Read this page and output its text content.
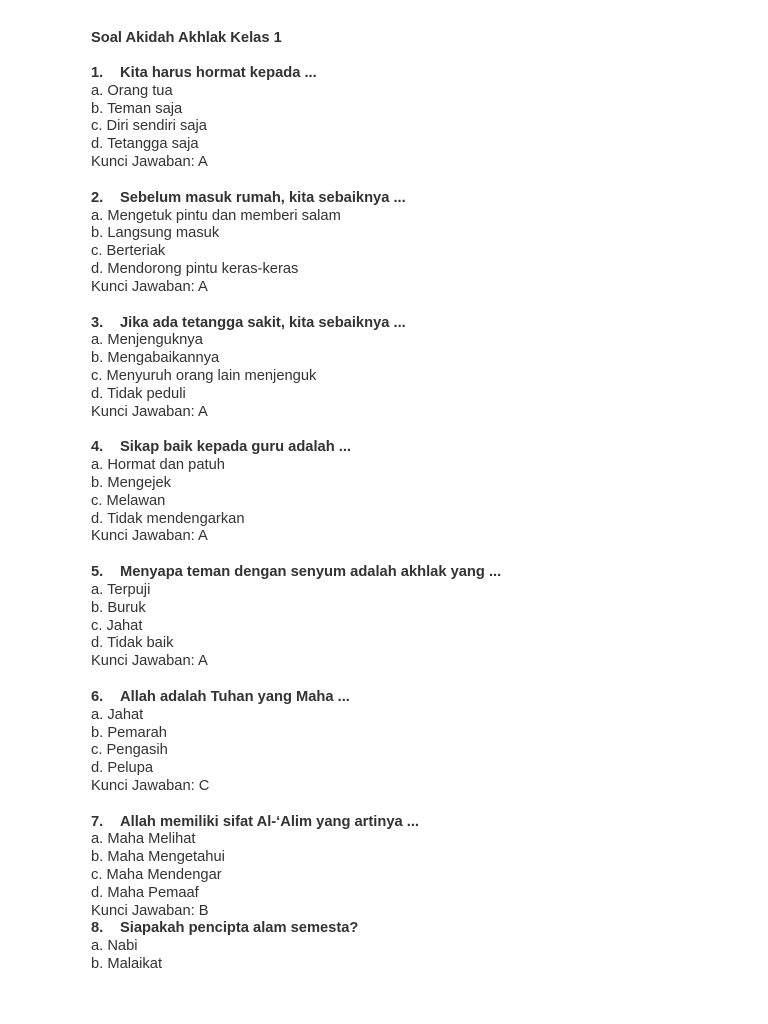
Soal Akidah Akhlak Kelas 1
1. Kita harus hormat kepada ...
a. Orang tua
b. Teman saja
c. Diri sendiri saja
d. Tetangga saja
Kunci Jawaban: A
2. Sebelum masuk rumah, kita sebaiknya ...
a. Mengetuk pintu dan memberi salam
b. Langsung masuk
c. Berteriak
d. Mendorong pintu keras-keras
Kunci Jawaban: A
3. Jika ada tetangga sakit, kita sebaiknya ...
a. Menjenguknya
b. Mengabaikannya
c. Menyuruh orang lain menjenguk
d. Tidak peduli
Kunci Jawaban: A
4. Sikap baik kepada guru adalah ...
a. Hormat dan patuh
b. Mengejek
c. Melawan
d. Tidak mendengarkan
Kunci Jawaban: A
5. Menyapa teman dengan senyum adalah akhlak yang ...
a. Terpuji
b. Buruk
c. Jahat
d. Tidak baik
Kunci Jawaban: A
6. Allah adalah Tuhan yang Maha ...
a. Jahat
b. Pemarah
c. Pengasih
d. Pelupa
Kunci Jawaban: C
7. Allah memiliki sifat Al-‘Alim yang artinya ...
a. Maha Melihat
b. Maha Mengetahui
c. Maha Mendengar
d. Maha Pemaaf
Kunci Jawaban: B
8. Siapakah pencipta alam semesta?
a. Nabi
b. Malaikat
